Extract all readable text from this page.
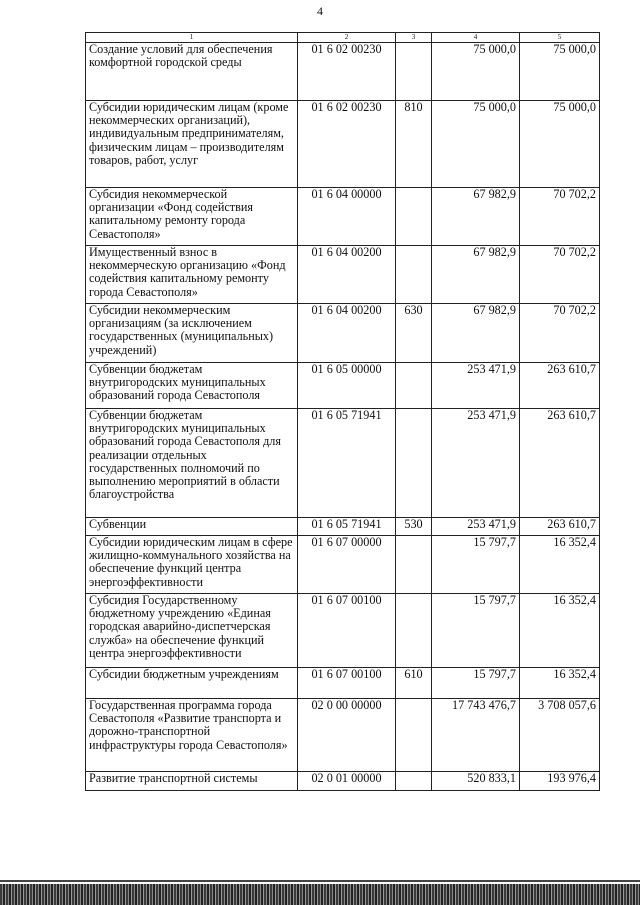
4
1	2	3	4	5
Создание условий для обеспечения комфортной городской среды	01 6 02 00230		75 000,0	75 000,0
Субсидии юридическим лицам (кроме некоммерческих организаций), индивидуальным предпринимателям, физическим лицам – производителям товаров, работ, услуг	01 6 02 00230	810	75 000,0	75 000,0
Субсидия некоммерческой организации «Фонд содействия капитальному ремонту города Севастополя»	01 6 04 00000		67 982,9	70 702,2
Имущественный взнос в некоммерческую организацию «Фонд содействия капитальному ремонту города Севастополя»	01 6 04 00200		67 982,9	70 702,2
Субсидии некоммерческим организациям (за исключением государственных (муниципальных) учреждений)	01 6 04 00200	630	67 982,9	70 702,2
Субвенции бюджетам внутригородских муниципальных образований города Севастополя	01 6 05 00000		253 471,9	263 610,7
Субвенции бюджетам внутригородских муниципальных образований города Севастополя для реализации отдельных государственных полномочий по выполнению мероприятий в области благоустройства	01 6 05 71941		253 471,9	263 610,7
Субвенции	01 6 05 71941	530	253 471,9	263 610,7
Субсидии юридическим лицам в сфере жилищно-коммунального хозяйства на обеспечение функций центра энергоэффективности	01 6 07 00000		15 797,7	16 352,4
Субсидия Государственному бюджетному учреждению «Единая городская аварийно-диспетчерская служба» на обеспечение функций центра энергоэффективности	01 6 07 00100		15 797,7	16 352,4
Субсидии бюджетным учреждениям	01 6 07 00100	610	15 797,7	16 352,4
Государственная программа города Севастополя «Развитие транспорта и дорожно-транспортной инфраструктуры города Севастополя»	02 0 00 00000		17 743 476,7	3 708 057,6
Развитие транспортной системы	02 0 01 00000		520 833,1	193 976,4
